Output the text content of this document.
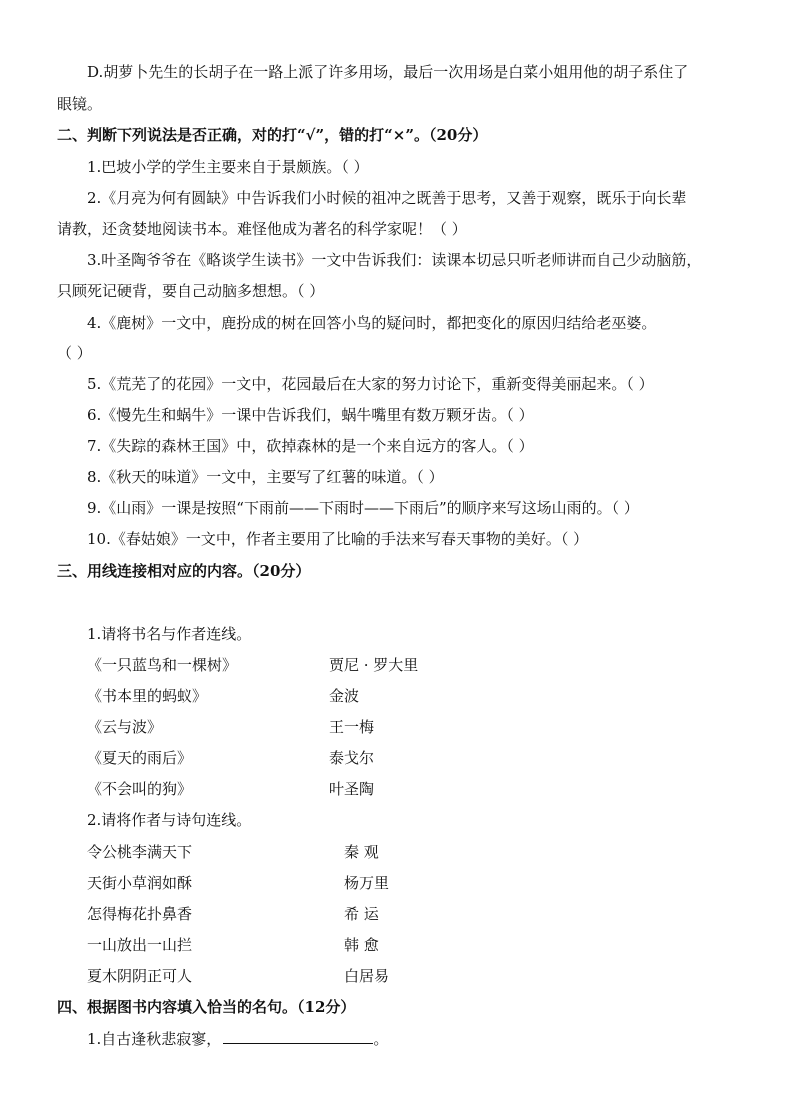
D.胡萝卜先生的长胡子在一路上派了许多用场，最后一次用场是白菜小姐用他的胡子系住了
眼镜。
二、判断下列说法是否正确，对的打“√”，错的打“×”。（20分）
1.巴坡小学的学生主要来自于景颇族。（ ）
2.《月亮为何有圆缺》中告诉我们小时候的祖冲之既善于思考，又善于观察，既乐于向长辈
请教，还贪婪地阅读书本。难怪他成为著名的科学家呢！（ ）
3.叶圣陶爷爷在《略谈学生读书》一文中告诉我们：读课本切忌只听老师讲而自己少动脑筋，
只顾死记硬背，要自己动脑多想想。（ ）
4.《鹿树》一文中，鹿扮成的树在回答小鸟的疑问时，都把变化的原因归结给老巫婆。
（ ）
5.《荒芜了的花园》一文中，花园最后在大家的努力讨论下，重新变得美丽起来。（ ）
6.《慢先生和蜗牛》一课中告诉我们，蜗牛嘴里有数万颗牙齿。（ ）
7.《失踪的森林王国》中，砍掉森林的是一个来自远方的客人。（ ）
8.《秋天的味道》一文中，主要写了红薯的味道。（ ）
9.《山雨》一课是按照“下雨前——下雨时——下雨后”的顺序来写这场山雨的。（ ）
10.《春姑娘》一文中，作者主要用了比喻的手法来写春天事物的美好。（ ）
三、用线连接相对应的内容。（20分）
1.请将书名与作者连线。
《一只蓝鸟和一棵树》	贾尼 · 罗大里
《书本里的蚂蚁》	金波
《云与波》	王一梅
《夏天的雨后》	泰戈尔
《不会叫的狗》	叶圣陶
2.请将作者与诗句连线。
令公桃李满天下	秦 观
天街小草润如酥	杨万里
怎得梅花扑鼻香	希 运
一山放出一山拦	韩 愈
夏木阴阴正可人	白居易
四、根据图书内容填入恰当的名句。（12分）
1.自古逢秋悲寂寥，	。
